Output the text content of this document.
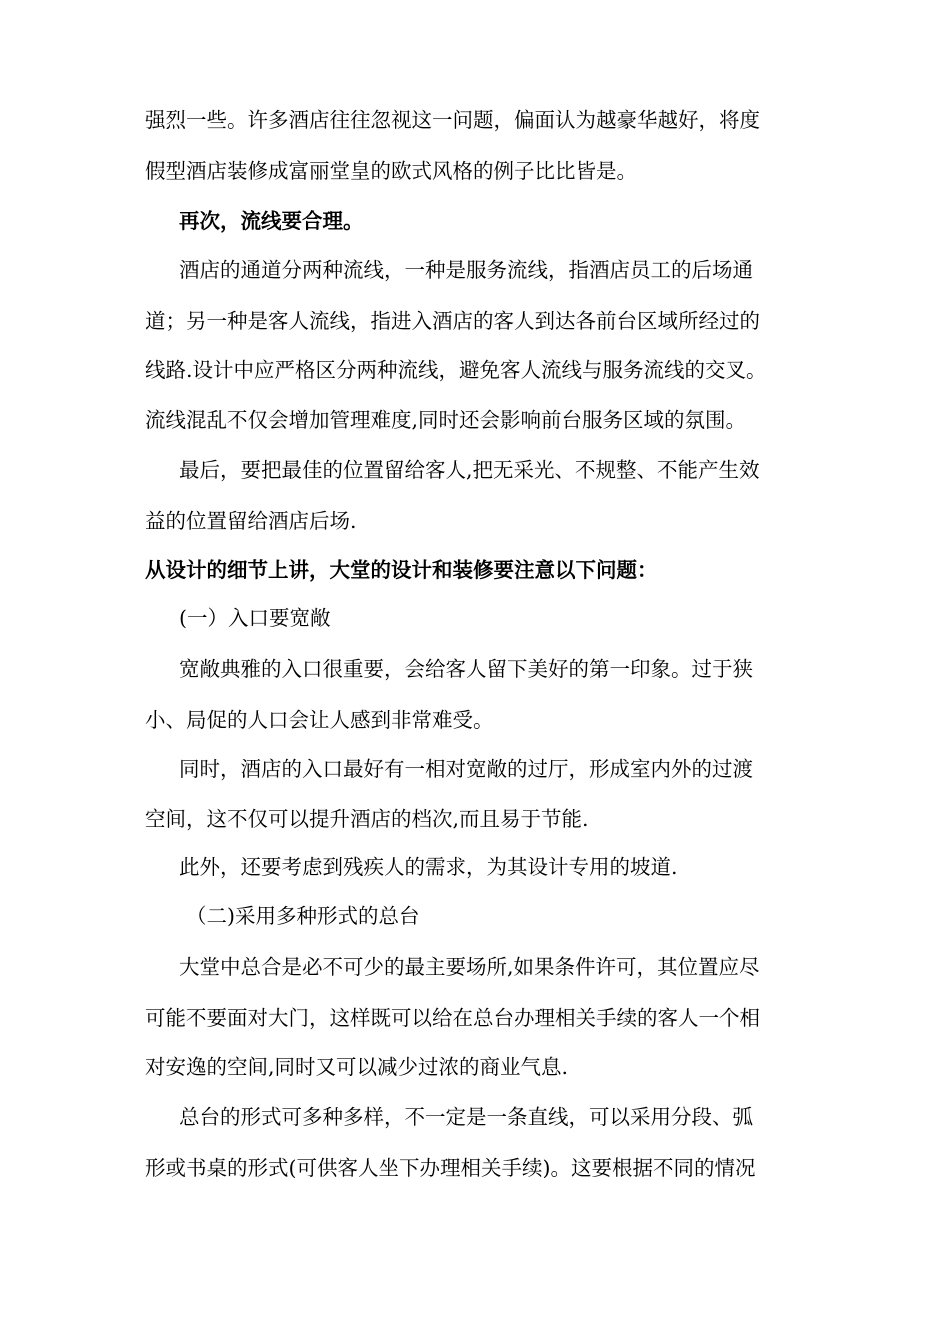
强烈一些。许多酒店往往忽视这一问题，偏面认为越豪华越好，将度
假型酒店装修成富丽堂皇的欧式风格的例子比比皆是。
再次，流线要合理。
酒店的通道分两种流线，一种是服务流线，指酒店员工的后场通
道；另一种是客人流线，指进入酒店的客人到达各前台区域所经过的
线路.设计中应严格区分两种流线，避免客人流线与服务流线的交叉。
流线混乱不仅会增加管理难度,同时还会影响前台服务区域的氛围。
最后，要把最佳的位置留给客人,把无采光、不规整、不能产生效
益的位置留给酒店后场.
从设计的细节上讲，大堂的设计和装修要注意以下问题：
(一）入口要宽敞
宽敞典雅的入口很重要，会给客人留下美好的第一印象。过于狭
小、局促的人口会让人感到非常难受。
同时，酒店的入口最好有一相对宽敞的过厅，形成室内外的过渡
空间，这不仅可以提升酒店的档次,而且易于节能.
此外，还要考虑到残疾人的需求，为其设计专用的坡道.
（二)采用多种形式的总台
大堂中总合是必不可少的最主要场所,如果条件许可，其位置应尽
可能不要面对大门，这样既可以给在总台办理相关手续的客人一个相
对安逸的空间,同时又可以减少过浓的商业气息.
总台的形式可多种多样，不一定是一条直线，可以采用分段、弧
形或书桌的形式(可供客人坐下办理相关手续)。这要根据不同的情况
